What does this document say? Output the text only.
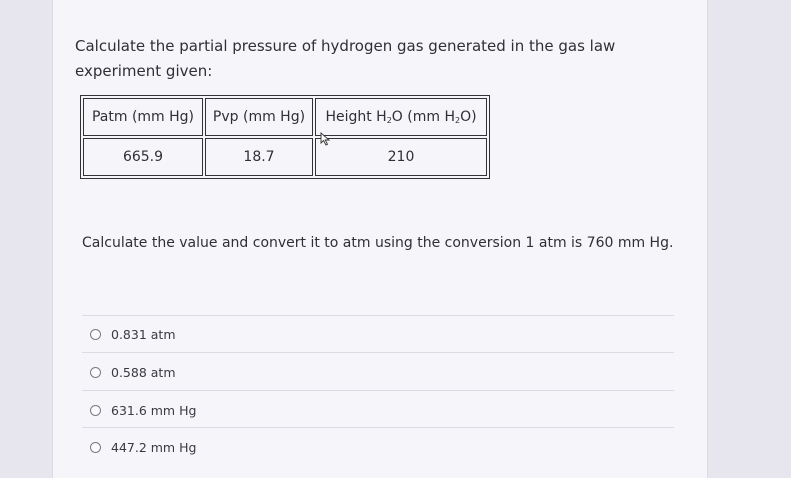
Calculate the partial pressure of hydrogen gas generated in the gas law experiment given:
Patm (mm Hg)	Pvp (mm Hg)	Height $H_2O$ (mm $H_2O$)
665.9	18.7	210
Calculate the value and convert it to atm using the conversion 1 atm is 760 mm Hg.
0.831 atm
0.588 atm
631.6 mm Hg
447.2 mm Hg
